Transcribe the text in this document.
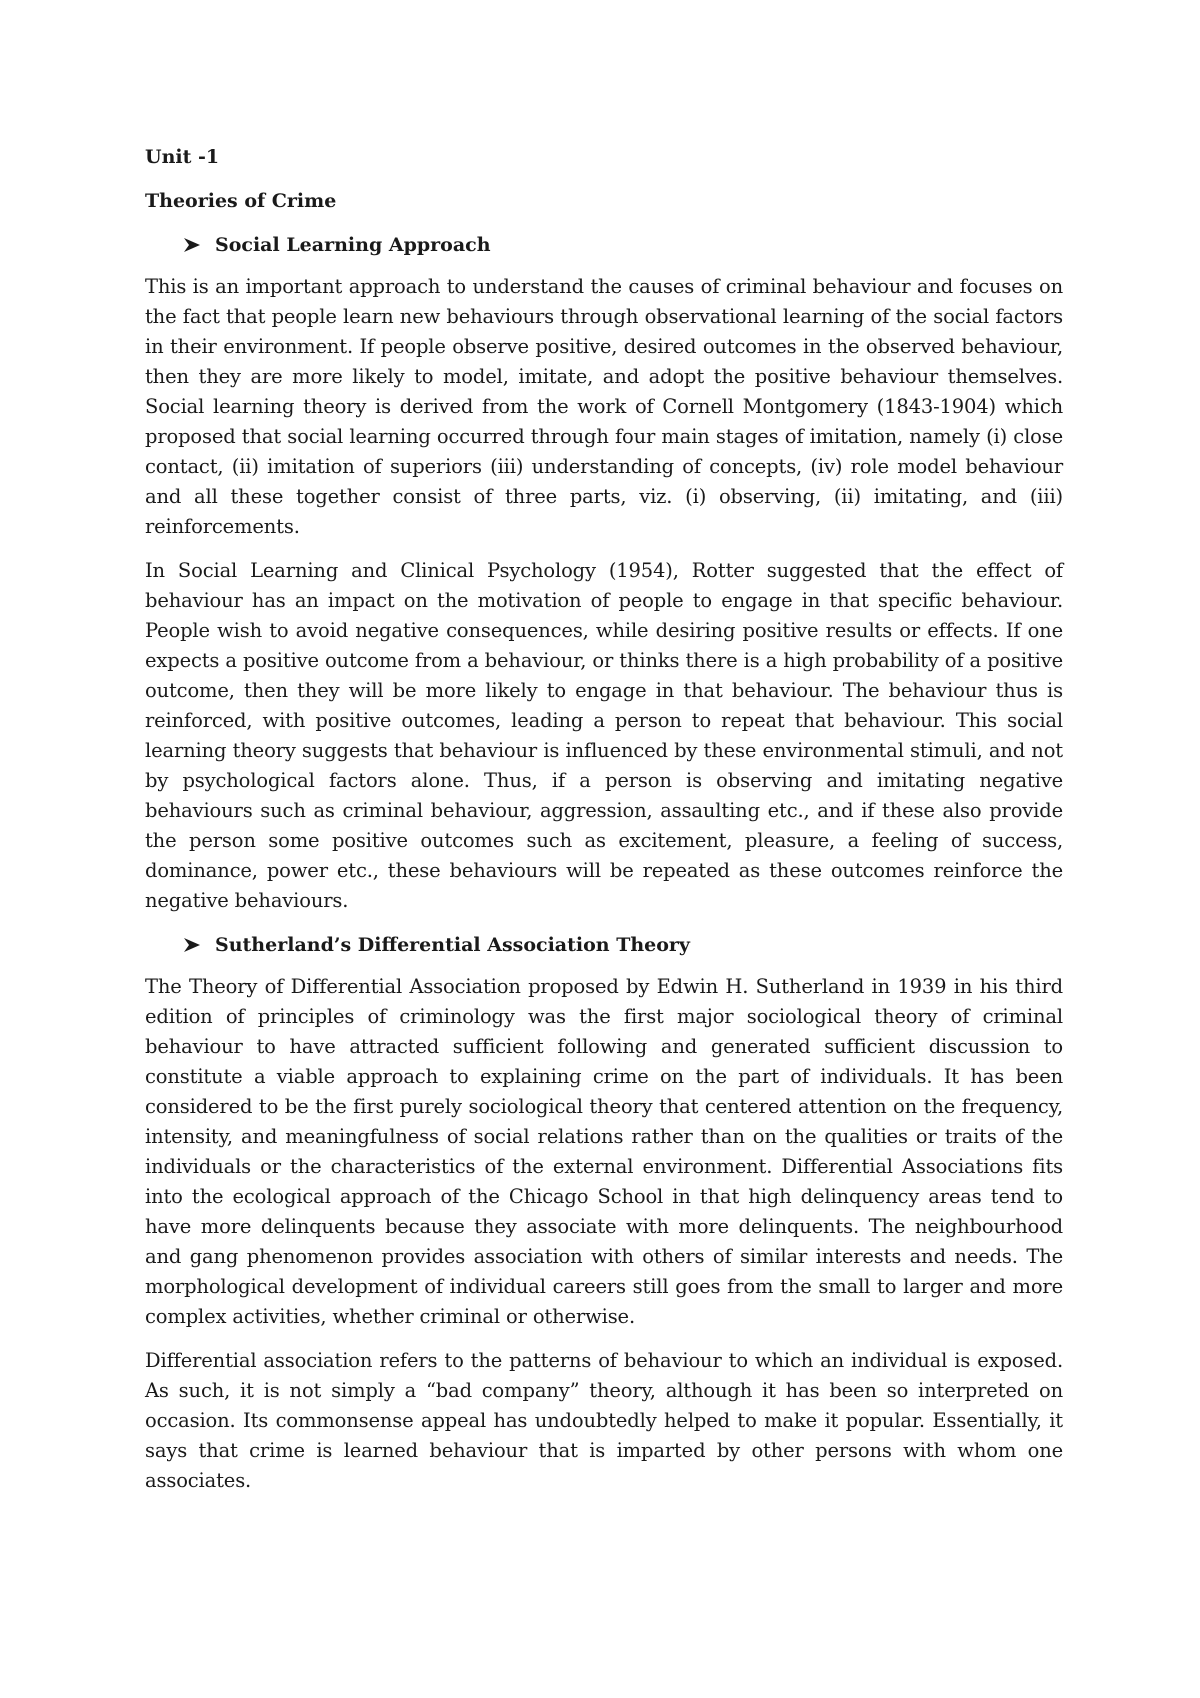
Unit -1
Theories of Crime
Social Learning Approach

This is an important approach to understand the causes of criminal behaviour and focuses on the fact that people learn new behaviours through observational learning of the social factors in their environment. If people observe positive, desired outcomes in the observed behaviour, then they are more likely to model, imitate, and adopt the positive behaviour themselves. Social learning theory is derived from the work of Cornell Montgomery (1843-1904) which proposed that social learning occurred through four main stages of imitation, namely (i) close contact, (ii) imitation of superiors (iii) understanding of concepts, (iv) role model behaviour and all these together consist of three parts, viz. (i) observing, (ii) imitating, and (iii) reinforcements.

In Social Learning and Clinical Psychology (1954), Rotter suggested that the effect of behaviour has an impact on the motivation of people to engage in that specific behaviour. People wish to avoid negative consequences, while desiring positive results or effects. If one expects a positive outcome from a behaviour, or thinks there is a high probability of a positive outcome, then they will be more likely to engage in that behaviour. The behaviour thus is reinforced, with positive outcomes, leading a person to repeat that behaviour. This social learning theory suggests that behaviour is influenced by these environmental stimuli, and not by psychological factors alone. Thus, if a person is observing and imitating negative behaviours such as criminal behaviour, aggression, assaulting etc., and if these also provide the person some positive outcomes such as excitement, pleasure, a feeling of success, dominance, power etc., these behaviours will be repeated as these outcomes reinforce the negative behaviours.

Sutherland’s Differential Association Theory

The Theory of Differential Association proposed by Edwin H. Sutherland in 1939 in his third edition of principles of criminology was the first major sociological theory of criminal behaviour to have attracted sufficient following and generated sufficient discussion to constitute a viable approach to explaining crime on the part of individuals. It has been considered to be the first purely sociological theory that centered attention on the frequency, intensity, and meaningfulness of social relations rather than on the qualities or traits of the individuals or the characteristics of the external environment. Differential Associations fits into the ecological approach of the Chicago School in that high delinquency areas tend to have more delinquents because they associate with more delinquents. The neighbourhood and gang phenomenon provides association with others of similar interests and needs. The morphological development of individual careers still goes from the small to larger and more complex activities, whether criminal or otherwise.

Differential association refers to the patterns of behaviour to which an individual is exposed. As such, it is not simply a “bad company” theory, although it has been so interpreted on occasion. Its commonsense appeal has undoubtedly helped to make it popular. Essentially, it says that crime is learned behaviour that is imparted by other persons with whom one associates.
